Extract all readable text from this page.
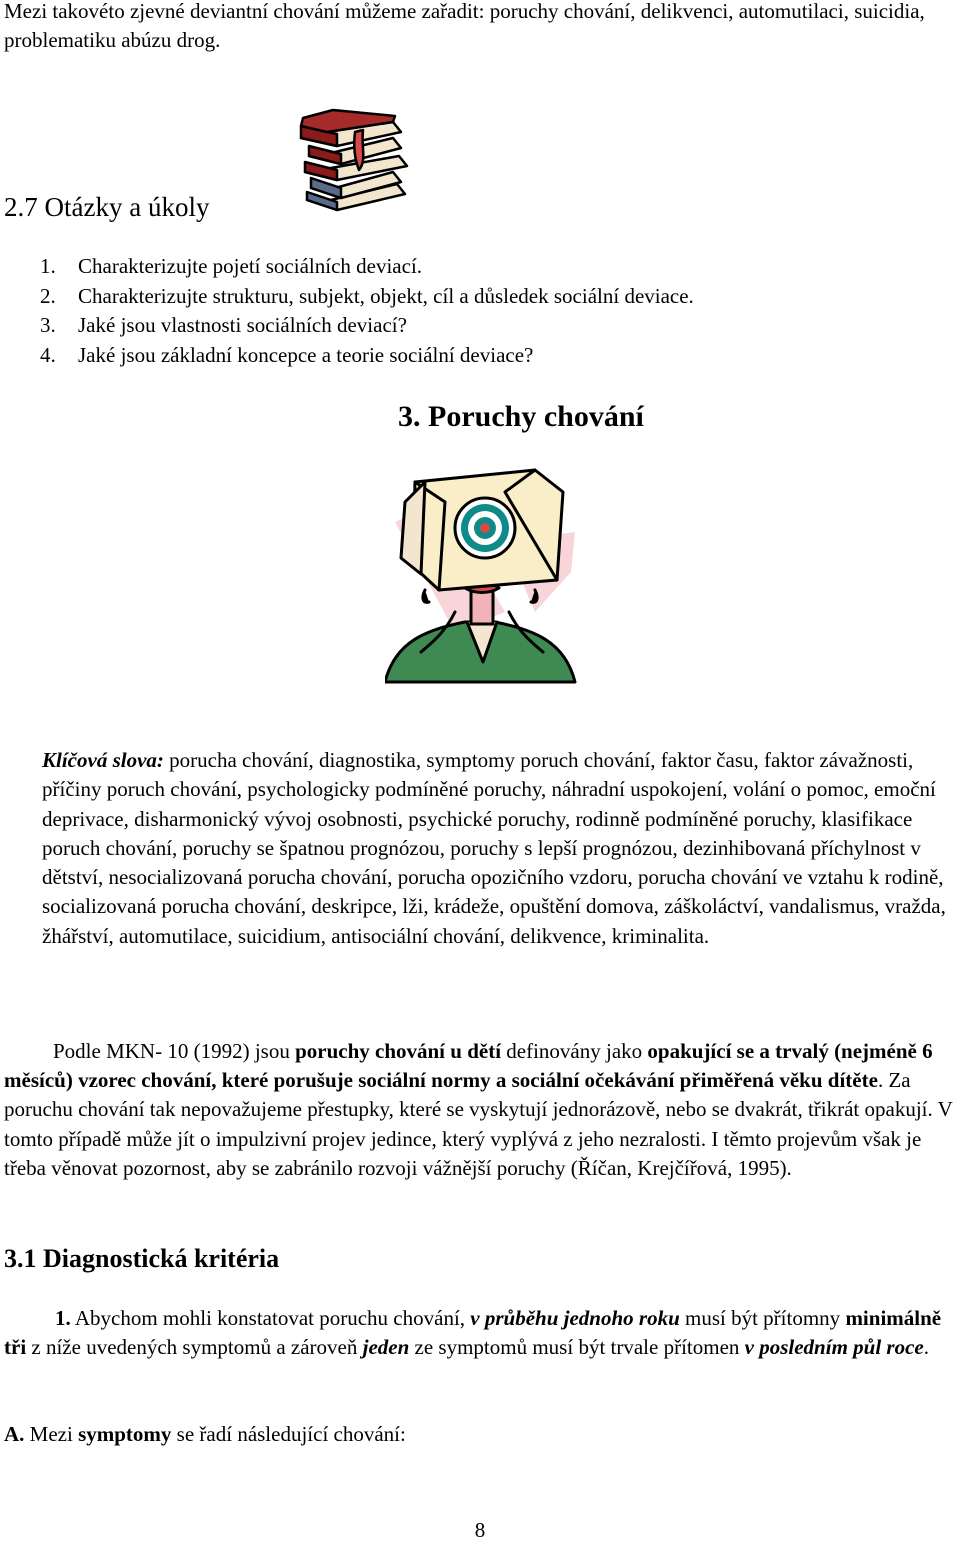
Mezi takovéto zjevné deviantní chování můžeme zařadit: poruchy chování, delikvenci, automutilaci, suicidia, problematiku abúzu drog.
2.7 Otázky a úkoly
1. Charakterizujte pojetí sociálních deviací.
2. Charakterizujte strukturu, subjekt, objekt, cíl a důsledek sociální deviace.
3. Jaké jsou vlastnosti sociálních deviací?
4. Jaké jsou základní koncepce a teorie sociální deviace?
3. Poruchy chování
Klíčová slova: porucha chování, diagnostika, symptomy poruch chování, faktor času, faktor závažnosti, příčiny poruch chování, psychologicky podmíněné poruchy, náhradní uspokojení, volání o pomoc, emoční deprivace, disharmonický vývoj osobnosti, psychické poruchy, rodinně podmíněné poruchy, klasifikace poruch chování, poruchy se špatnou prognózou, poruchy s lepší prognózou, dezinhibovaná příchylnost v dětství, nesocializovaná porucha chování, porucha opozičního vzdoru, porucha chování ve vztahu k rodině, socializovaná porucha chování, deskripce, lži, krádeže, opuštění domova, záškoláctví, vandalismus, vražda, žhářství, automutilace, suicidium, antisociální chování, delikvence, kriminalita.
Podle MKN- 10 (1992) jsou poruchy chování u dětí definovány jako opakující se a trvalý (nejméně 6 měsíců) vzorec chování, které porušuje sociální normy a sociální očekávání přiměřená věku dítěte. Za poruchu chování tak nepovažujeme přestupky, které se vyskytují jednorázově, nebo se dvakrát, třikrát opakují. V tomto případě může jít o impulzivní projev jedince, který vyplývá z jeho nezralosti. I těmto projevům však je třeba věnovat pozornost, aby se zabránilo rozvoji vážnější poruchy (Říčan, Krejčířová, 1995).
3.1 Diagnostická kritéria
1. Abychom mohli konstatovat poruchu chování, v průběhu jednoho roku musí být přítomny minimálně tři z níže uvedených symptomů a zároveň jeden ze symptomů musí být trvale přítomen v posledním půl roce.
A. Mezi symptomy se řadí následující chování:
8
